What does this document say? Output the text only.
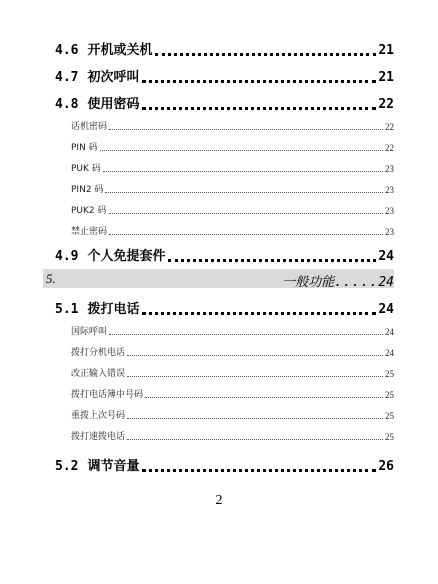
4.6 开机或关机	21
4.7 初次呼叫	21
4.8 使用密码	22
话机密码	22
PIN 码	22
PUK 码	23
PIN2 码	23
PUK2 码	23
禁止密码	23
4.9 个人免提套件	24
5.	一般功能 ..... 24
5.1 拨打电话	24
国际呼叫	24
拨打分机电话	24
改正输入错误	25
拨打电话簿中号码	25
重拨上次号码	25
拨打速拨电话	25
5.2 调节音量	26
2
